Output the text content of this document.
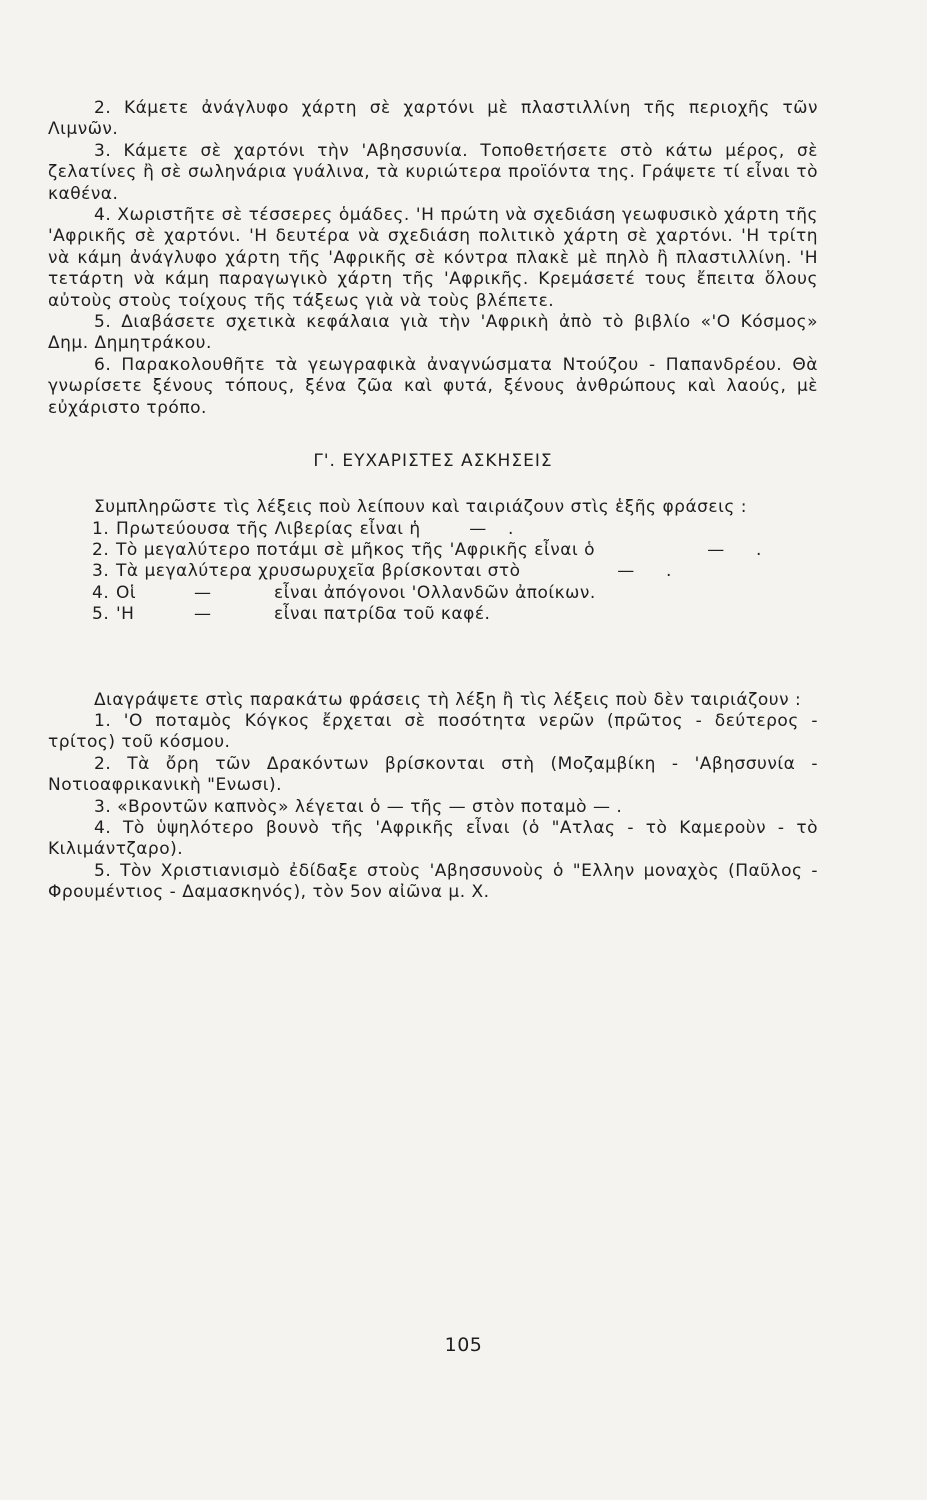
2. Κάμετε ἀνάγλυφο χάρτη σὲ χαρτόνι μὲ πλαστιλλίνη τῆς περιοχῆς τῶν Λιμνῶν.

3. Κάμετε σὲ χαρτόνι τὴν 'Αβησσυνία. Τοποθετήσετε στὸ κάτω μέρος, σὲ ζελατίνες ἢ σὲ σωληνάρια γυάλινα, τὰ κυριώτερα προϊόντα της. Γράψετε τί εἶναι τὸ καθένα.

4. Χωριστῆτε σὲ τέσσερες ὁμάδες. 'Η πρώτη νὰ σχεδιάση γεωφυσικὸ χάρτη τῆς 'Αφρικῆς σὲ χαρτόνι. 'Η δευτέρα νὰ σχεδιάση πολιτικὸ χάρτη σὲ χαρτόνι. 'Η τρίτη νὰ κάμη ἀνάγλυφο χάρτη τῆς 'Αφρικῆς σὲ κόντρα πλακὲ μὲ πηλὸ ἢ πλαστιλλίνη. 'Η τετάρτη νὰ κάμη παραγωγικὸ χάρτη τῆς 'Αφρικῆς. Κρεμάσετέ τους ἔπειτα ὅλους αὐτοὺς στοὺς τοίχους τῆς τάξεως γιὰ νὰ τοὺς βλέπετε.

5. Διαβάσετε σχετικὰ κεφάλαια γιὰ τὴν 'Αφρικὴ ἀπὸ τὸ βιβλίο «'Ο Κόσμος» Δημ. Δημητράκου.

6. Παρακολουθῆτε τὰ γεωγραφικὰ ἀναγνώσματα Ντούζου - Παπανδρέου. Θὰ γνωρίσετε ξένους τόπους, ξένα ζῶα καὶ φυτά, ξένους ἀνθρώπους καὶ λαούς, μὲ εὐχάριστο τρόπο.

Γ'. ΕΥΧΑΡΙΣΤΕΣ ΑΣΚΗΣΕΙΣ

Συμπληρῶστε τὶς λέξεις ποὺ λείπουν καὶ ταιριάζουν στὶς ἑξῆς φράσεις :

1. Πρωτεύουσα τῆς Λιβερίας εἶναι ἡ	—	.
2. Τὸ μεγαλύτερο ποτάμι σὲ μῆκος τῆς 'Αφρικῆς εἶναι ὁ	—	.
3. Τὰ μεγαλύτερα χρυσωρυχεῖα βρίσκονται στὸ	—	.
4. Οἱ	—	εἶναι ἀπόγονοι 'Ολλανδῶν ἀποίκων.
5. 'Η	—	εἶναι πατρίδα τοῦ καφέ.

Διαγράψετε στὶς παρακάτω φράσεις τὴ λέξη ἢ τὶς λέξεις ποὺ δὲν ταιριάζουν :

1. 'Ο ποταμὸς Κόγκος ἔρχεται σὲ ποσότητα νερῶν (πρῶτος - δεύτερος - τρίτος) τοῦ κόσμου.

2. Τὰ ὄρη τῶν Δρακόντων βρίσκονται στὴ (Μοζαμβίκη - 'Αβησσυνία - Νοτιοαφρικανικὴ "Ενωσι).

3. «Βροντῶν καπνὸς» λέγεται ὁ — τῆς — στὸν ποταμὸ — .

4. Τὸ ὑψηλότερο βουνὸ τῆς 'Αφρικῆς εἶναι (ὁ "Ατλας - τὸ Καμεροὺν - τὸ Κιλιμάντζαρο).

5. Τὸν Χριστιανισμὸ ἐδίδαξε στοὺς 'Αβησσυνοὺς ὁ "Ελλην μοναχὸς (Παῦλος - Φρουμέντιος - Δαμασκηνός), τὸν 5ον αἰῶνα μ. Χ.

105
